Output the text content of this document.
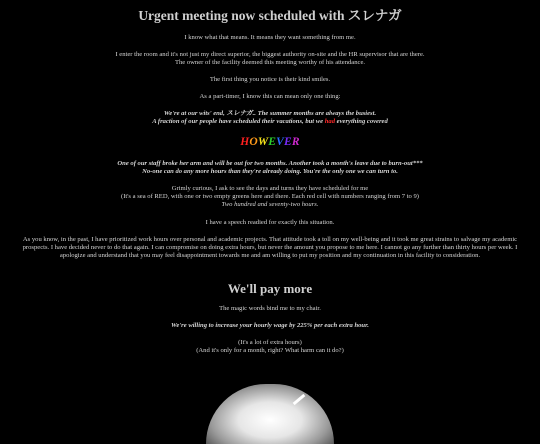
Urgent meeting now scheduled with スレナガ
I know what that means. It means they want something from me.
I enter the room and it's not just my direct superior, the biggest authority on-site and the HR supervisor that are there.
The owner of the facility deemed this meeting worthy of his attendance.
The first thing you notice is their kind smiles.
As a part-timer, I know this can mean only one thing:
We're at our wits' end, スレナガ.. The summer months are always the busiest.
A fraction of our people have scheduled their vacations, but we had everything covered
HOWEVER
One of our staff broke her arm and will be out for two months. Another took a month's leave due to burn-out***
No-one can do any more hours than they're already doing. You're the only one we can turn to.
Grimly curious, I ask to see the days and turns they have scheduled for me
(It's a sea of RED, with one or two empty greens here and there. Each red cell with numbers ranging from 7 to 9)
Two hundred and seventy-two hours.
I have a speech readied for exactly this situation.
As you know, in the past, I have prioritized work hours over personal and academic projects. That attitude took a toll on my well-being and it took me great strains to salvage my academic prospects. I have decided never to do that again. I can compromise on doing extra hours, but never the amount you propose to me here. I cannot go any further than thirty hours per week. I apologize and understand that you may feel disappointment towards me and am willing to put my position and my continuation in this facility to consideration.
We'll pay more
The magic words bind me to my chair.
We're willing to increase your hourly wage by 225% per each extra hour.
(It's a lot of extra hours)
(And it's only for a month, right? What harm can it do?)
